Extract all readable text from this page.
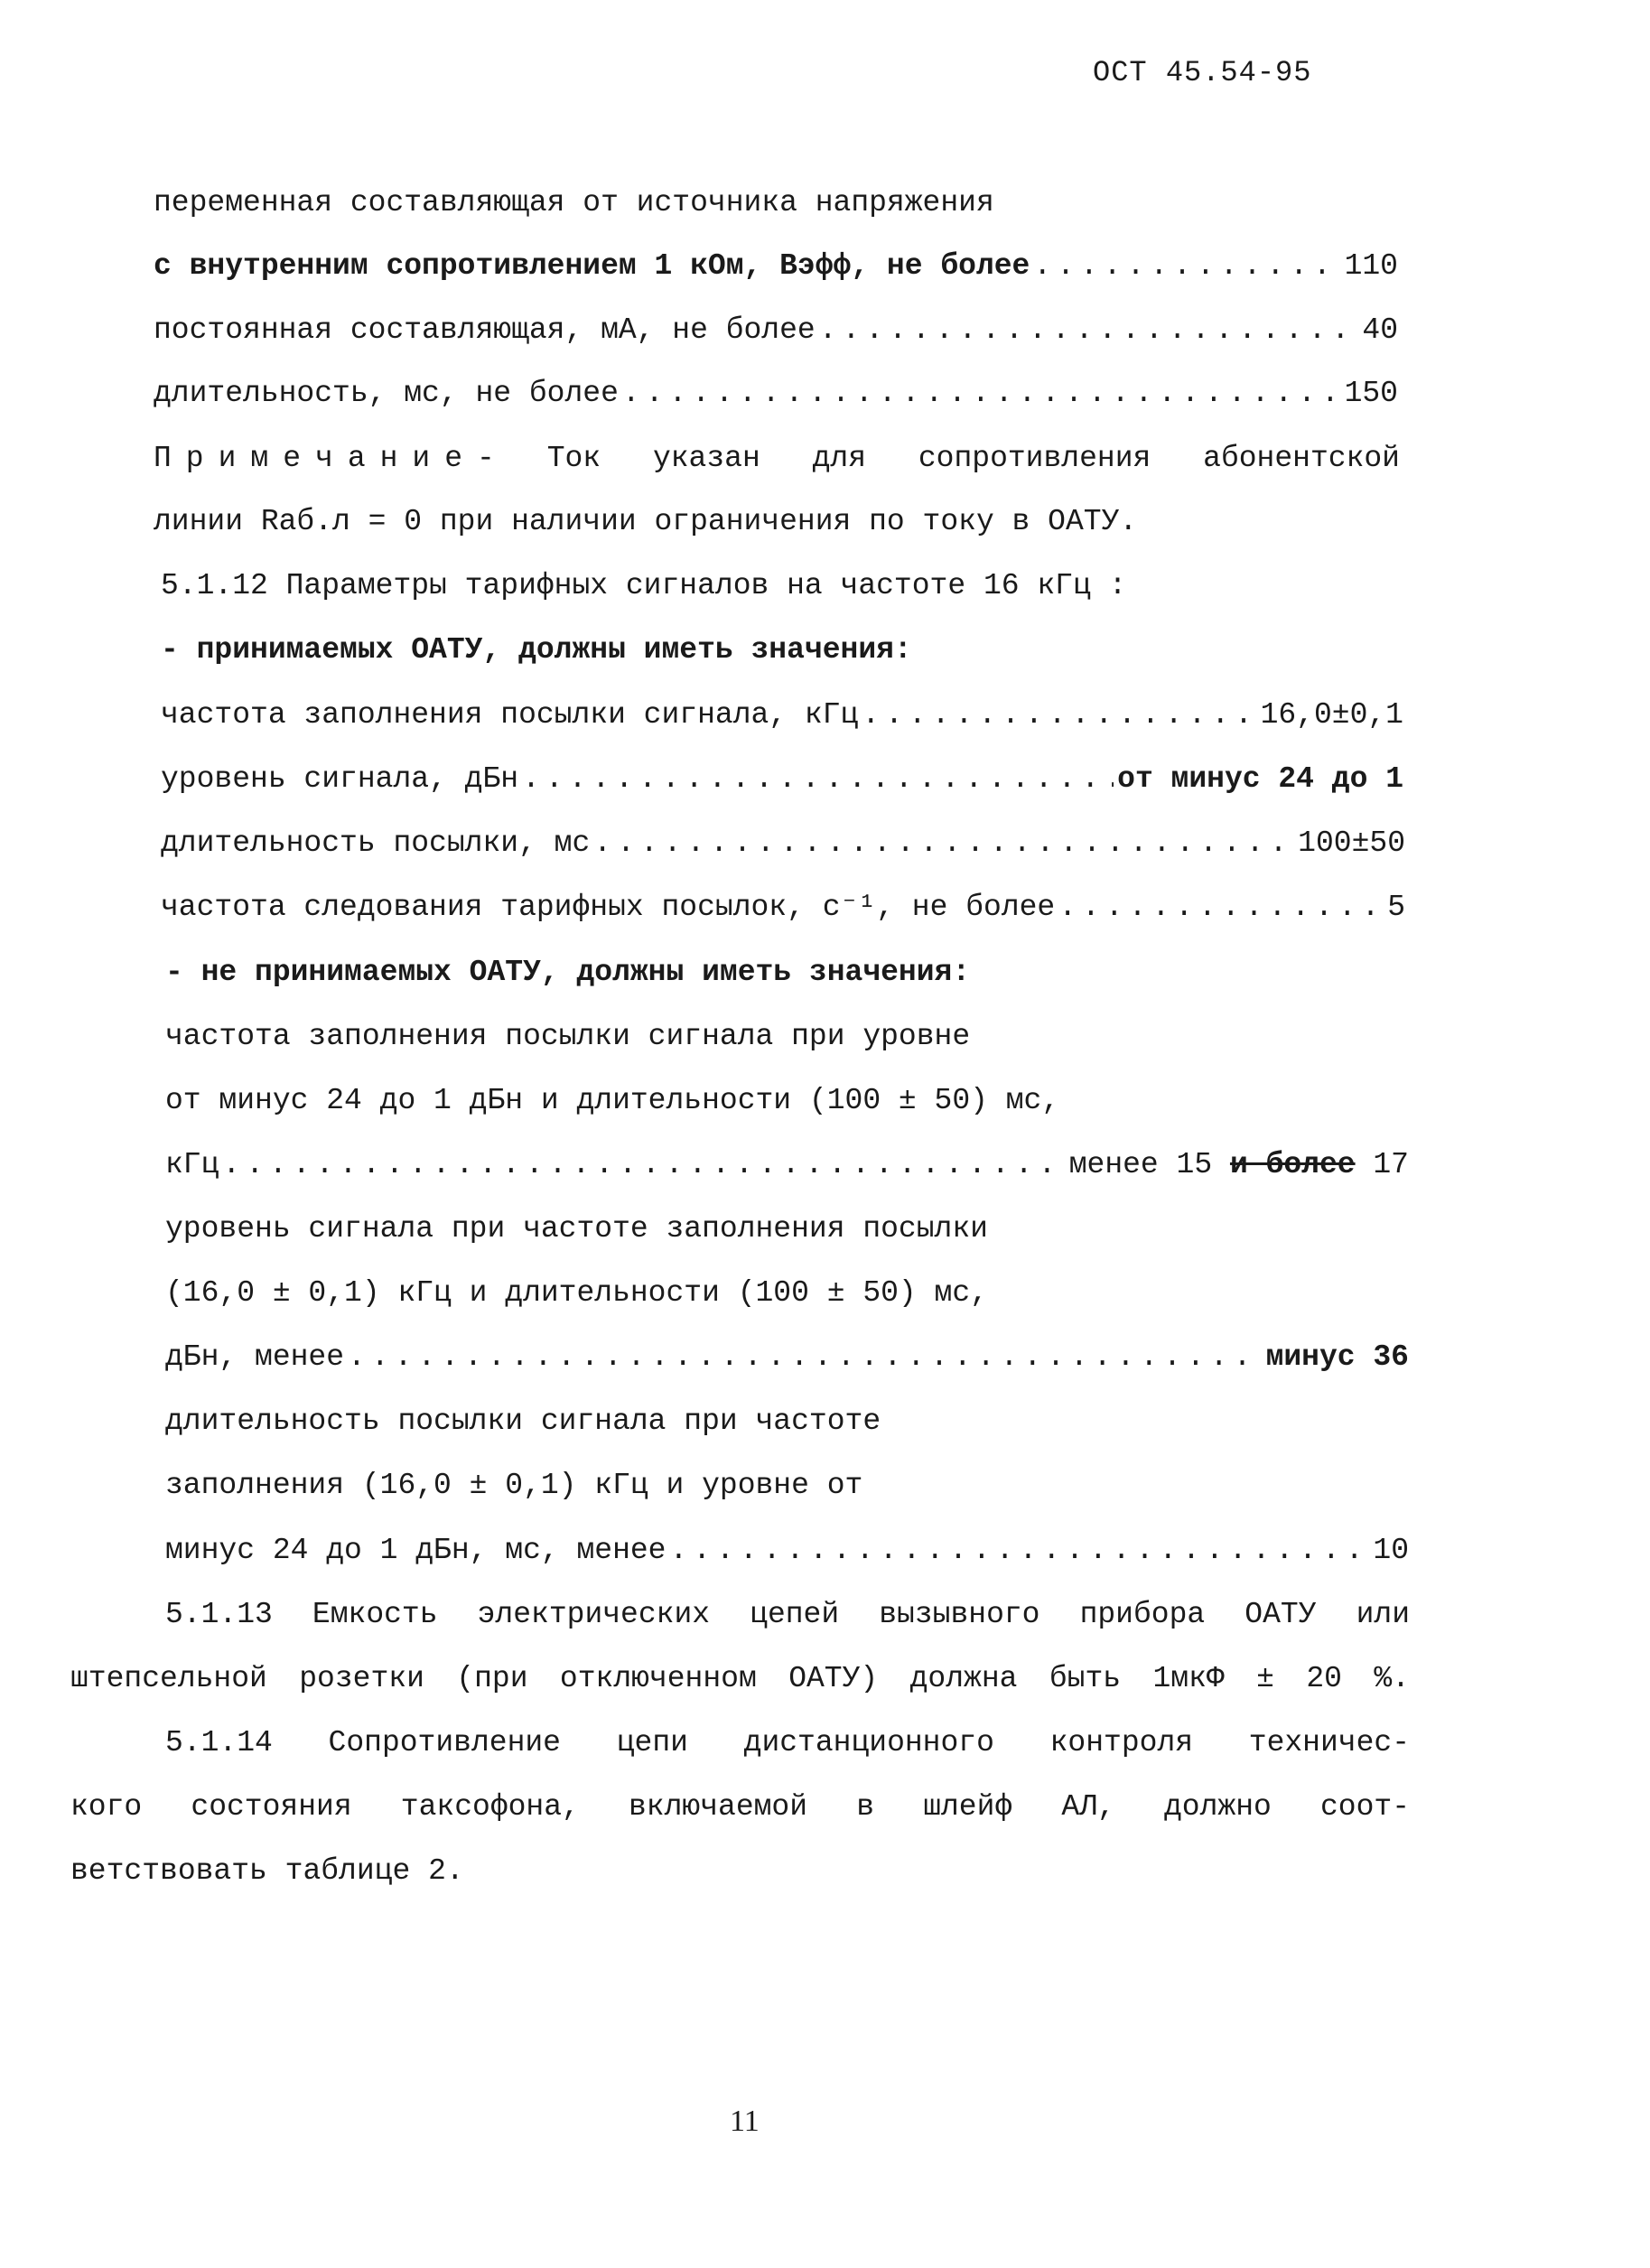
ОСТ 45.54-95
переменная составляющая от источника напряжения
с внутренним сопротивлением 1 кОм, Вэфф, не более .....	110
постоянная составляющая, мА, не более .....	40
длительность, мс, не более .....	150
Примечание - Ток указан для сопротивления абонентской
линии Rаб.л = 0 при наличии ограничения по току в ОАТУ.
5.1.12 Параметры тарифных сигналов на частоте 16 кГц :
- принимаемых ОАТУ, должны иметь значения:
частота заполнения посылки сигнала, кГц .....	16,0±0,1
уровень сигнала, дБн .....	от минус 24 до 1
длительность посылки, мс .....	100±50
частота следования тарифных посылок, с⁻¹, не более .....	5
- не принимаемых ОАТУ, должны иметь значения:
частота заполнения посылки сигнала при уровне
от минус 24 до 1 дБн и длительности (100 ± 50) мс,
кГц .....	менее 15 и более 17
уровень сигнала при частоте заполнения посылки
(16,0 ± 0,1) кГц и длительности (100 ± 50) мс,
дБн, менее .....	минус 36
длительность посылки сигнала при частоте
заполнения (16,0 ± 0,1) кГц и уровне от
минус 24 до 1 дБн, мс, менее .....	10
5.1.13 Емкость электрических цепей вызывного прибора ОАТУ или
штепсельной розетки (при отключенном ОАТУ) должна быть 1мкФ ± 20 %.
5.1.14 Сопротивление цепи дистанционного контроля техничес-
кого состояния таксофона, включаемой в шлейф АЛ, должно соот-
ветствовать таблице 2.
11
